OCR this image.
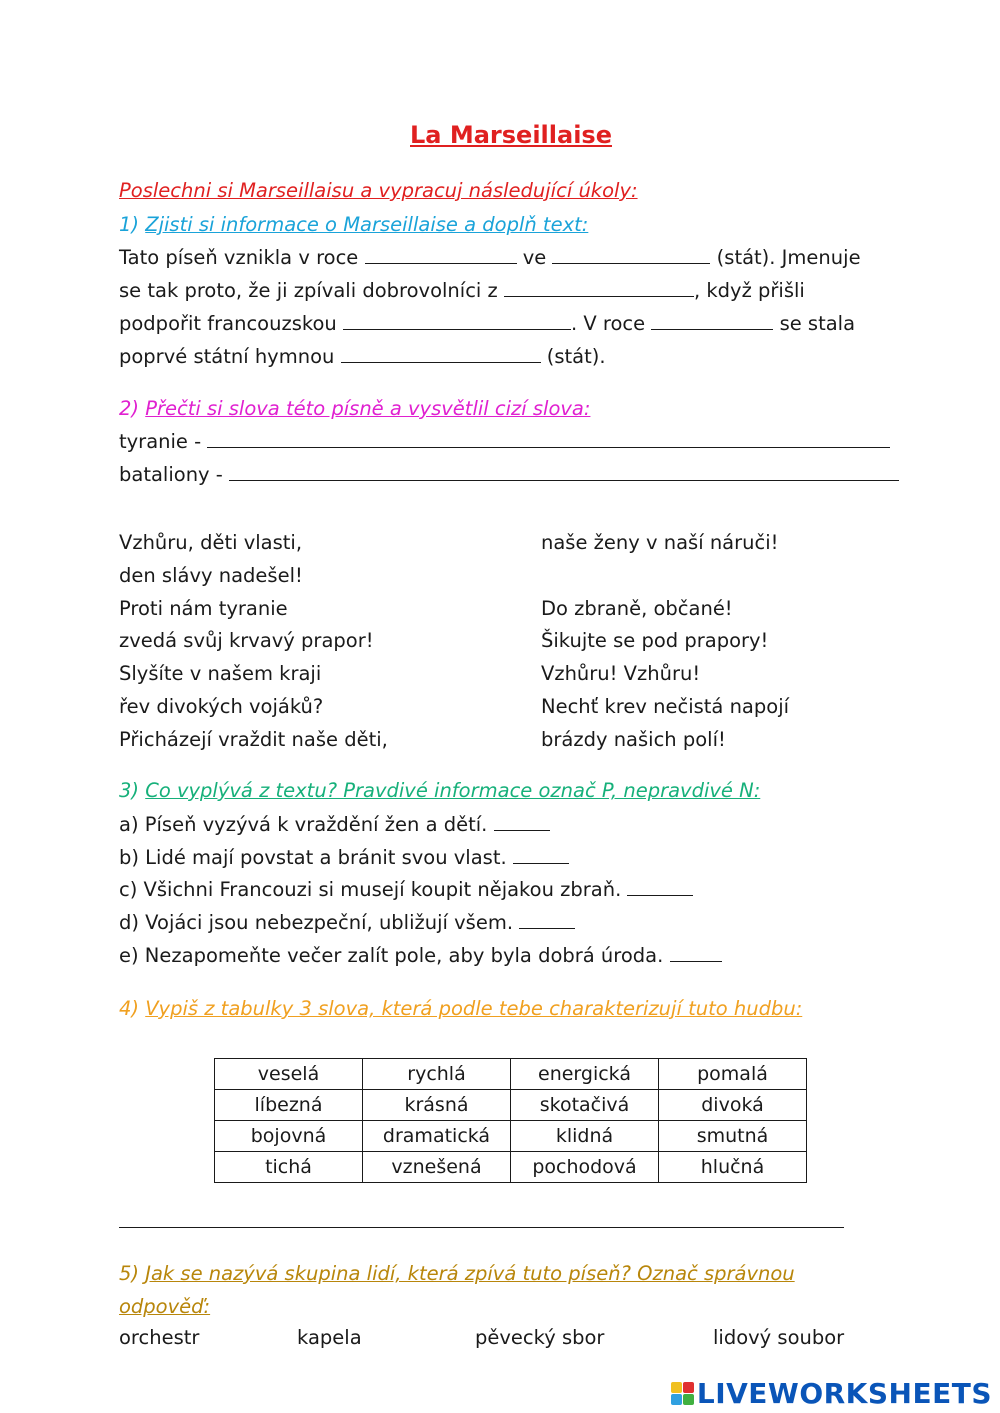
La Marseillaise
Poslechni si Marseillaisu a vypracuj následující úkoly:
1) Zjisti si informace o Marseillaise a doplň text:
Tato píseň vznikla v roce	ve	(stát). Jmenuje
se tak proto, že ji zpívali dobrovolníci z	, když přišli
podpořit francouzskou	. V roce	se stala
poprvé státní hymnou	(stát).
2) Přečti si slova této písně a vysvětlil cizí slova:
tyranie -
bataliony -
Vzhůru, děti vlasti,
den slávy nadešel!
Proti nám tyranie
zvedá svůj krvavý prapor!
Slyšíte v našem kraji
řev divokých vojáků?
Přicházejí vraždit naše děti,
naše ženy v naší náruči!
Do zbraně, občané!
Šikujte se pod prapory!
Vzhůru! Vzhůru!
Nechť krev nečistá napojí
brázdy našich polí!
3) Co vyplývá z textu? Pravdivé informace označ P, nepravdivé N:
a) Píseň vyzývá k vraždění žen a dětí.
b) Lidé mají povstat a bránit svou vlast.
c) Všichni Francouzi si musejí koupit nějakou zbraň.
d) Vojáci jsou nebezpeční, ubližují všem.
e) Nezapomeňte večer zalít pole, aby byla dobrá úroda.
4) Vypiš z tabulky 3 slova, která podle tebe charakterizují tuto hudbu:
veselá	rychlá	energická	pomalá
líbezná	krásná	skotačivá	divoká
bojovná	dramatická	klidná	smutná
tichá	vznešená	pochodová	hlučná
5) Jak se nazývá skupina lidí, která zpívá tuto píseň? Označ správnou
odpověď:
orchestr	kapela	pěvecký sbor	lidový soubor
LIVEWORKSHEETS
